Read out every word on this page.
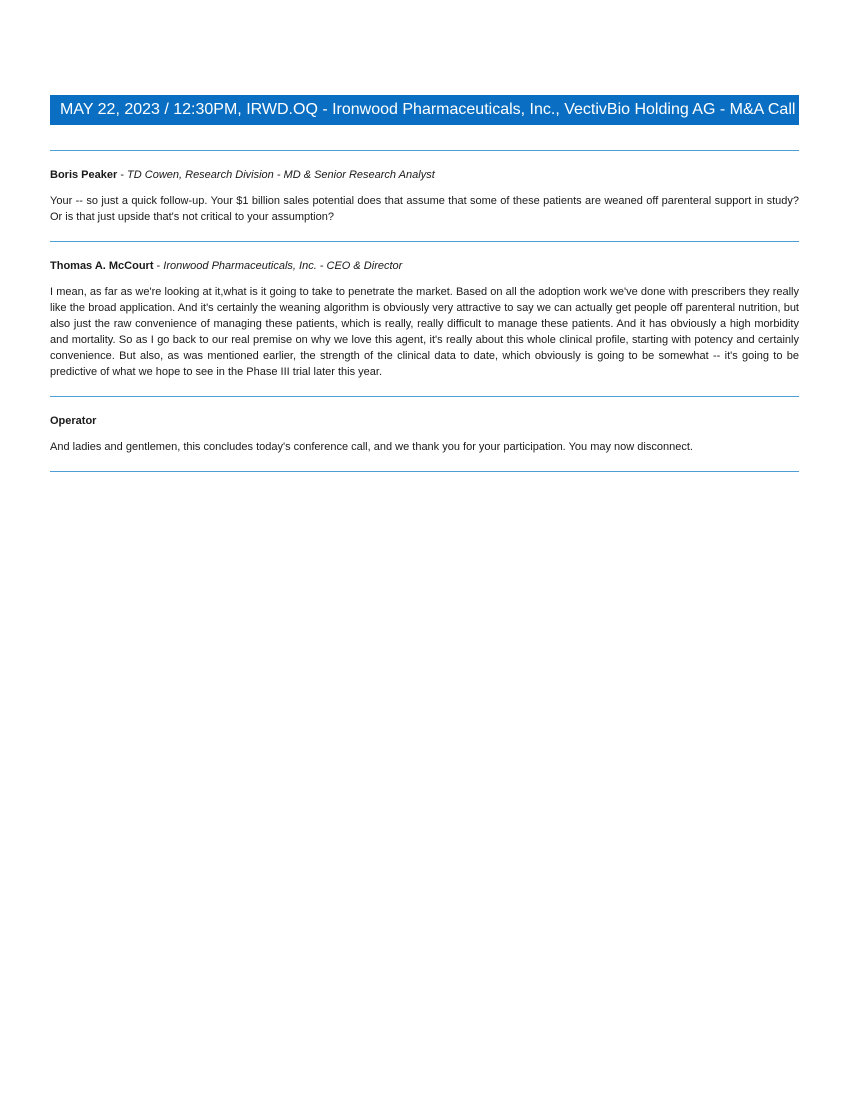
MAY 22, 2023 / 12:30PM, IRWD.OQ - Ironwood Pharmaceuticals, Inc., VectivBio Holding AG - M&A Call

Boris Peaker - TD Cowen, Research Division - MD & Senior Research Analyst

Your -- so just a quick follow-up. Your $1 billion sales potential does that assume that some of these patients are weaned off parenteral support in study? Or is that just upside that's not critical to your assumption?

Thomas A. McCourt - Ironwood Pharmaceuticals, Inc. - CEO & Director

I mean, as far as we're looking at it,what is it going to take to penetrate the market. Based on all the adoption work we've done with prescribers they really like the broad application. And it's certainly the weaning algorithm is obviously very attractive to say we can actually get people off parenteral nutrition, but also just the raw convenience of managing these patients, which is really, really difficult to manage these patients. And it has obviously a high morbidity and mortality. So as I go back to our real premise on why we love this agent, it's really about this whole clinical profile, starting with potency and certainly convenience. But also, as was mentioned earlier, the strength of the clinical data to date, which obviously is going to be somewhat -- it's going to be predictive of what we hope to see in the Phase III trial later this year.

Operator

And ladies and gentlemen, this concludes today's conference call, and we thank you for your participation. You may now disconnect.
